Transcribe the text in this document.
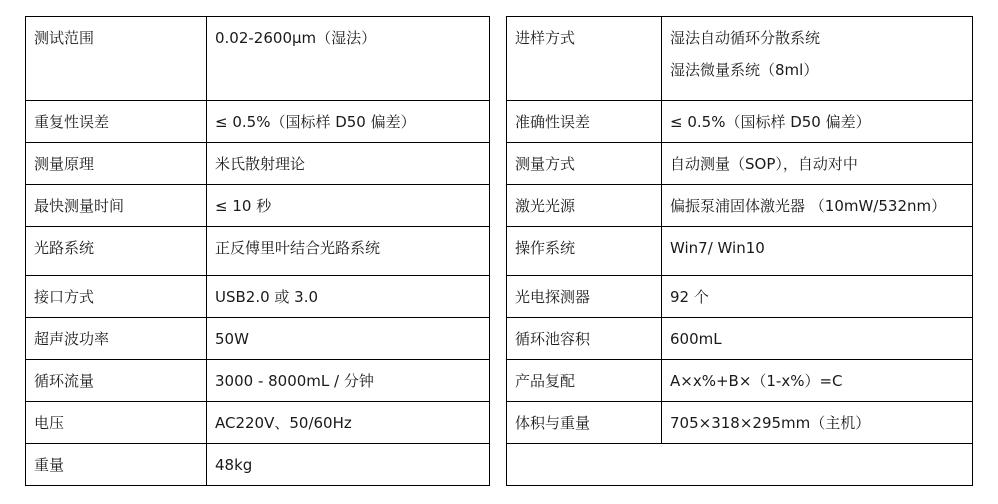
测试范围	0.02-2600μm（湿法）
重复性误差	≤ 0.5%（国标样 D50 偏差）
测量原理	米氏散射理论
最快测量时间	≤ 10 秒
光路系统	正反傅里叶结合光路系统
接口方式	USB2.0 或 3.0
超声波功率	50W
循环流量	3000 - 8000mL / 分钟
电压	AC220V、50/60Hz
重量	48kg
进样方式	湿法自动循环分散系统
湿法微量系统（8ml）

准确性误差	≤ 0.5%（国标样 D50 偏差）
测量方式	自动测量（SOP），自动对中
激光光源	偏振泵浦固体激光器 （10mW/532nm）
操作系统	Win7/ Win10
光电探测器	92 个
循环池容积	600mL
产品复配	A×x%+B×（1-x%）=C
体积与重量	705×318×295mm（主机）
